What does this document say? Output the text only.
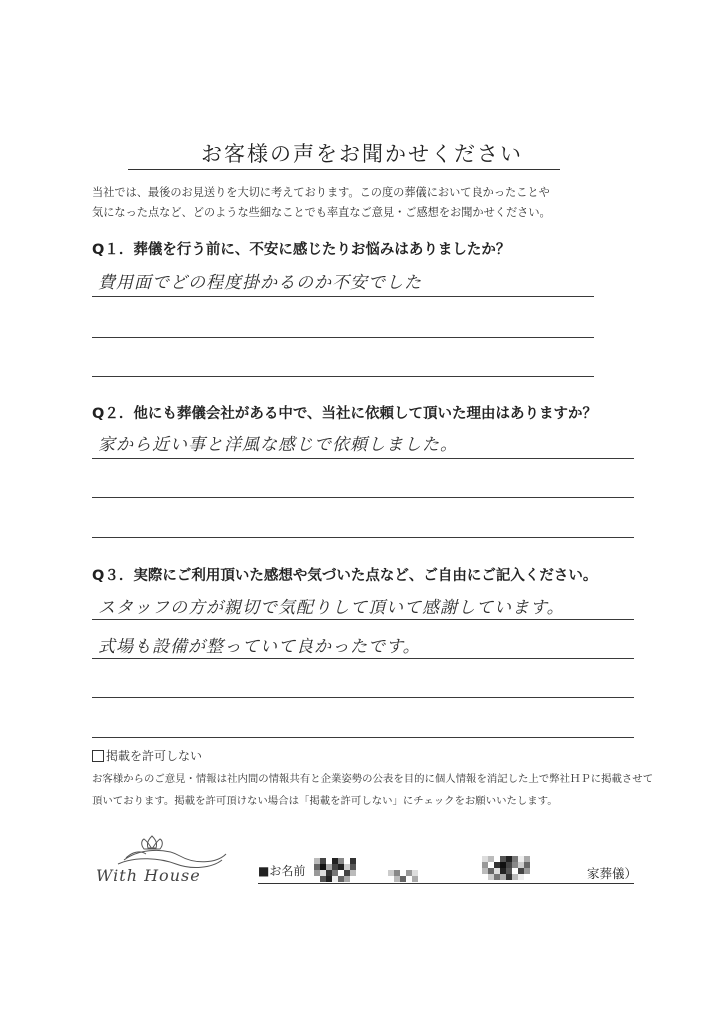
お客様の声をお聞かせください
当社では、最後のお見送りを大切に考えております。この度の葬儀において良かったことや
気になった点など、どのような些細なことでも率直なご意見・ご感想をお聞かせください。
Q１．葬儀を行う前に、不安に感じたりお悩みはありましたか？
費用面でどの程度掛かるのか不安でした
Q２．他にも葬儀会社がある中で、当社に依頼して頂いた理由はありますか？
家から近い事と洋風な感じで依頼しました。
Q３．実際にご利用頂いた感想や気づいた点など、ご自由にご記入ください。
スタッフの方が親切で気配りして頂いて感謝しています。
式場も設備が整っていて良かったです。
掲載を許可しない
お客様からのご意見・情報は社内間の情報共有と企業姿勢の公表を目的に個人情報を消記した上で弊社ＨＰに掲載させて
頂いております。掲載を許可頂けない場合は「掲載を許可しない」にチェックをお願いいたします。
With House	■お名前	家葬儀）
